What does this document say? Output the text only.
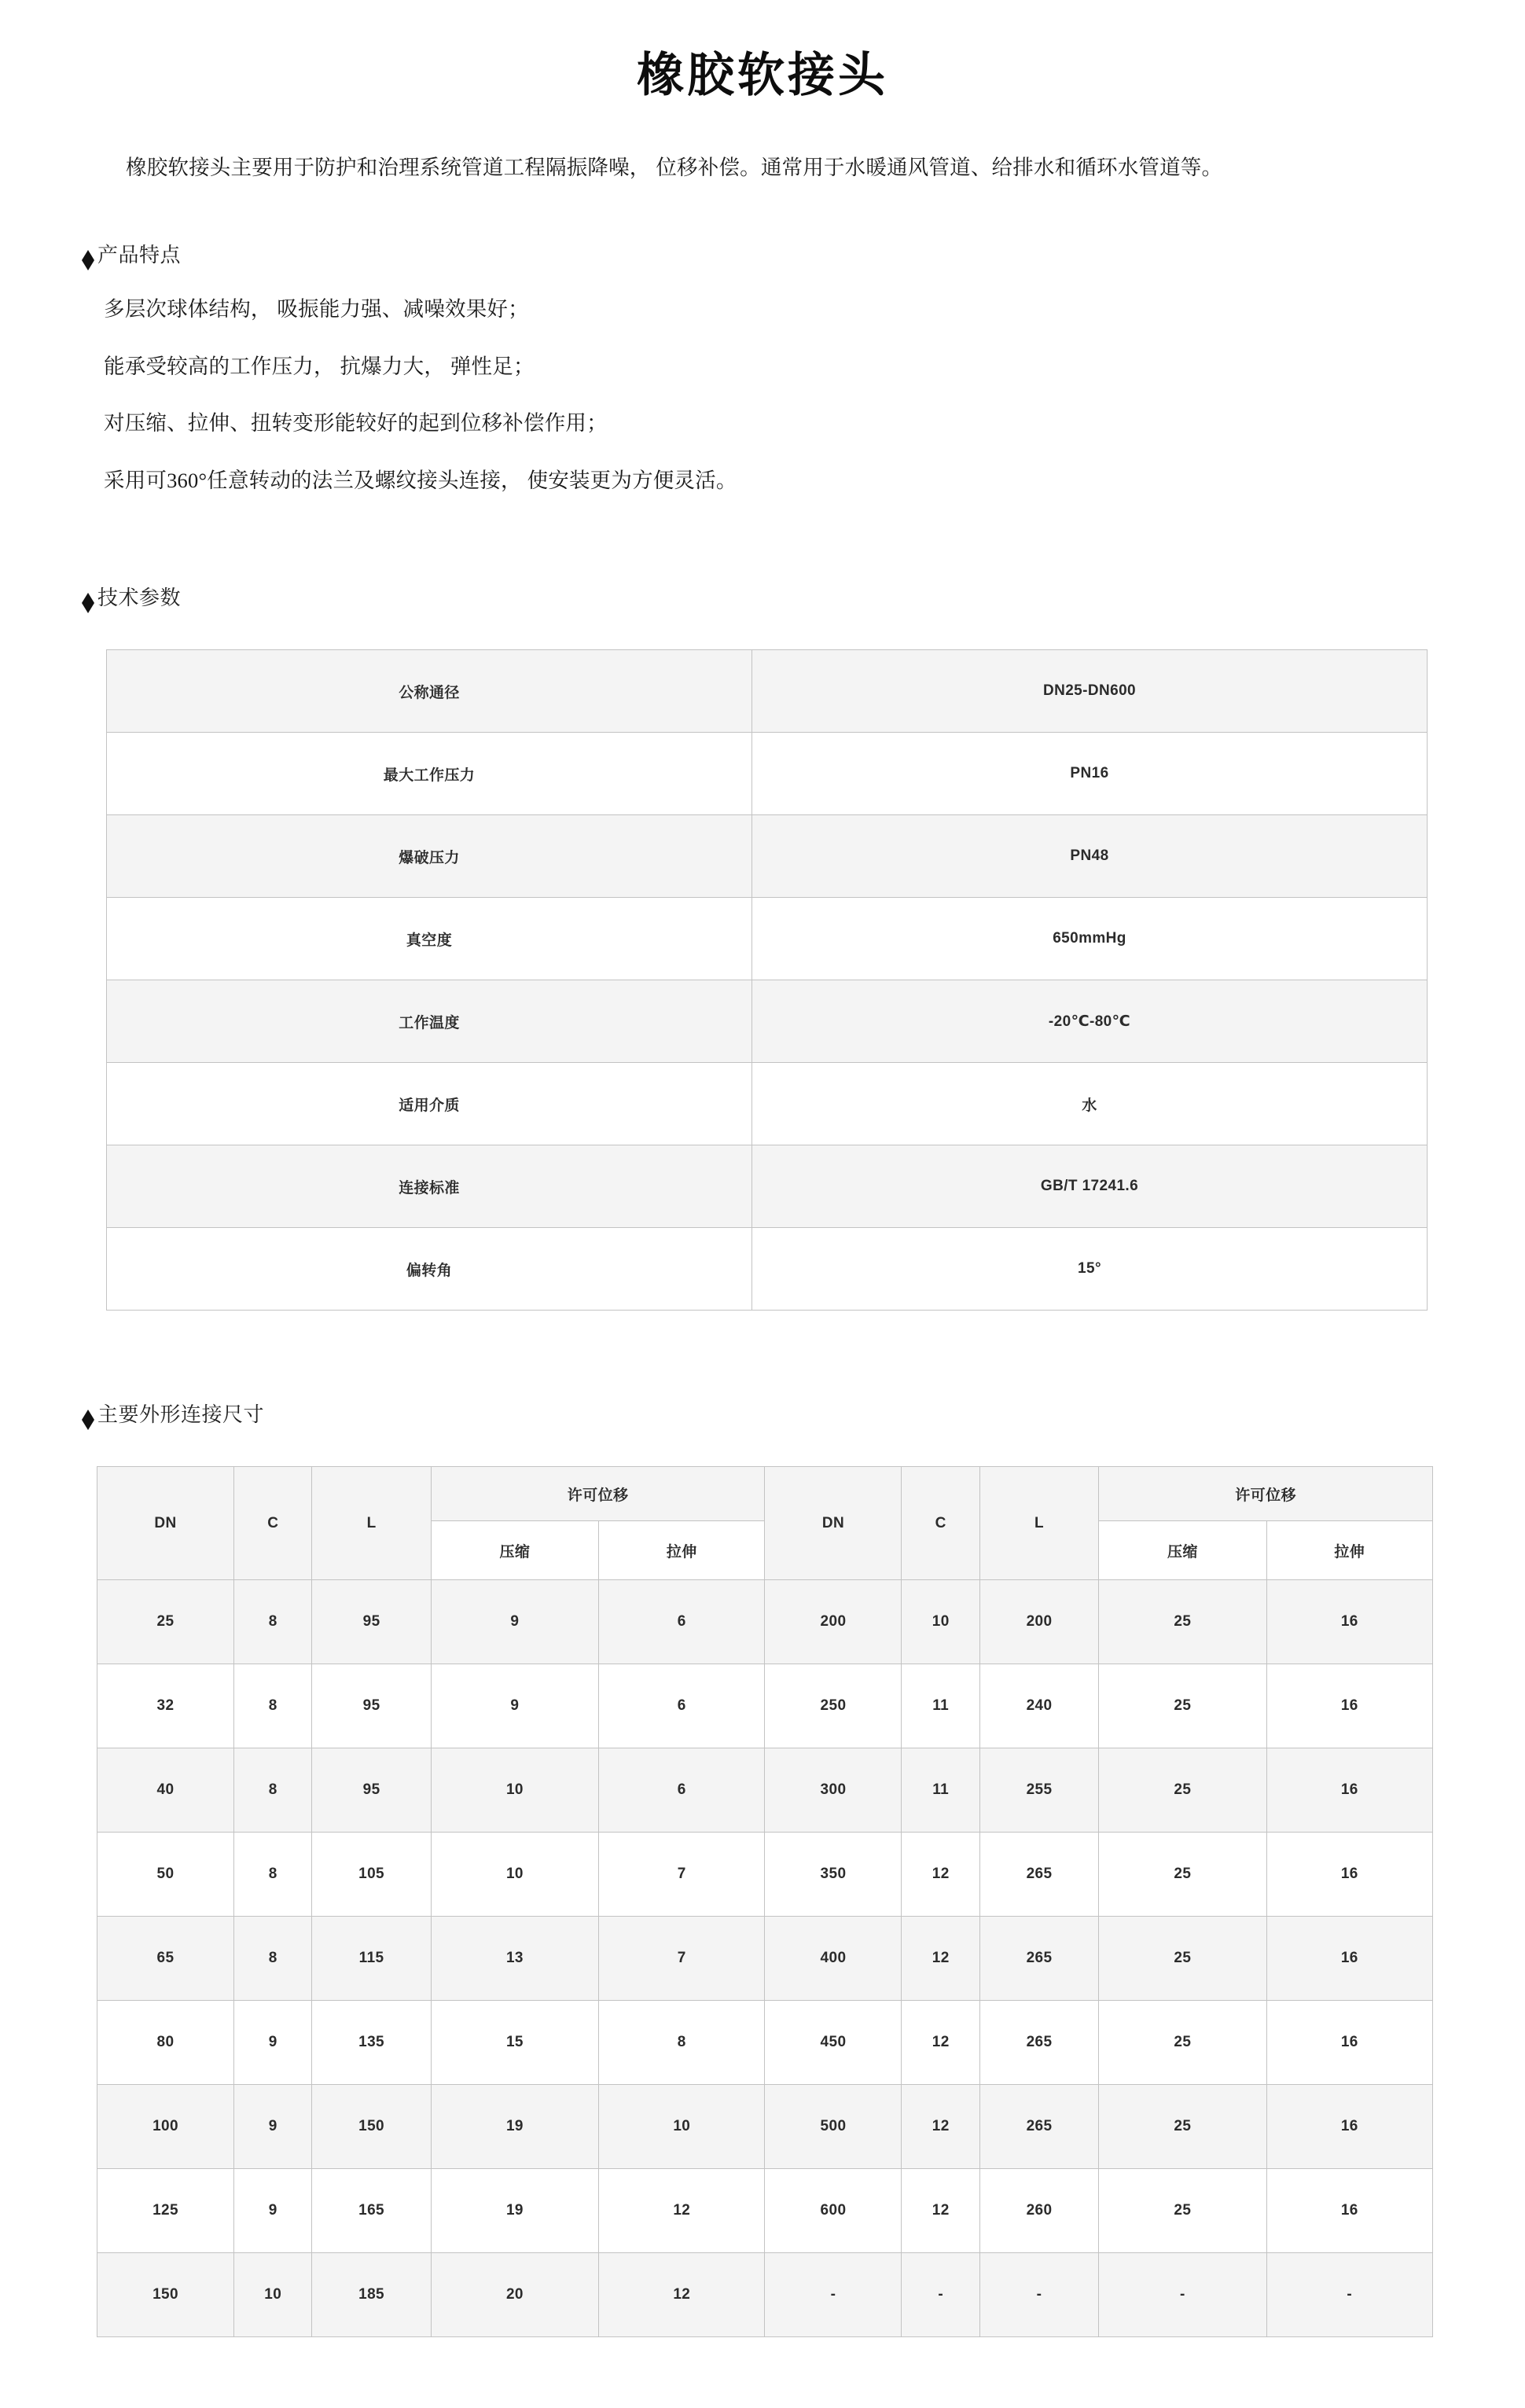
橡胶软接头

橡胶软接头主要用于防护和治理系统管道工程隔振降噪， 位移补偿。通常用于水暖通风管道、给排水和循环水管道等。

产品特点
多层次球体结构， 吸振能力强、减噪效果好；
能承受较高的工作压力， 抗爆力大， 弹性足；
对压缩、拉伸、扭转变形能较好的起到位移补偿作用；
采用可360°任意转动的法兰及螺纹接头连接， 使安装更为方便灵活。
技术参数
公称通径	DN25-DN600
最大工作压力	PN16
爆破压力	PN48
真空度	650mmHg
工作温度	-20℃-80℃
适用介质	水
连接标准	GB/T 17241.6
偏转角	15°
主要外形连接尺寸
DN	C	L	许可位移		DN	C	L	许可位移	
			压缩	拉伸				压缩	拉伸
25	8	95	9	6	200	10	200	25	16
32	8	95	9	6	250	11	240	25	16
40	8	95	10	6	300	11	255	25	16
50	8	105	10	7	350	12	265	25	16
65	8	115	13	7	400	12	265	25	16
80	9	135	15	8	450	12	265	25	16
100	9	150	19	10	500	12	265	25	16
125	9	165	19	12	600	12	260	25	16
150	10	185	20	12	-	-	-	-	-
